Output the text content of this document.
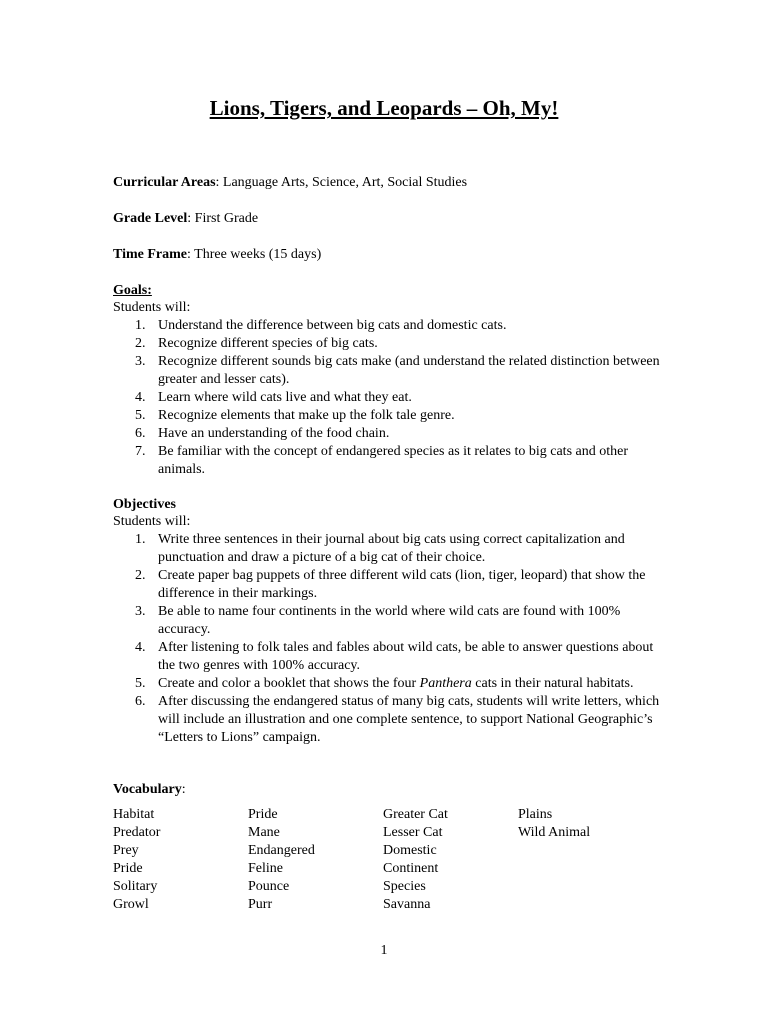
Lions, Tigers, and Leopards – Oh, My!
Curricular Areas: Language Arts, Science, Art, Social Studies
Grade Level: First Grade
Time Frame: Three weeks (15 days)
Goals:
Students will:
1. Understand the difference between big cats and domestic cats.
2. Recognize different species of big cats.
3. Recognize different sounds big cats make (and understand the related distinction between greater and lesser cats).
4. Learn where wild cats live and what they eat.
5. Recognize elements that make up the folk tale genre.
6. Have an understanding of the food chain.
7. Be familiar with the concept of endangered species as it relates to big cats and other animals.
Objectives
Students will:
1. Write three sentences in their journal about big cats using correct capitalization and punctuation and draw a picture of a big cat of their choice.
2. Create paper bag puppets of three different wild cats (lion, tiger, leopard) that show the difference in their markings.
3. Be able to name four continents in the world where wild cats are found with 100% accuracy.
4. After listening to folk tales and fables about wild cats, be able to answer questions about the two genres with 100% accuracy.
5. Create and color a booklet that shows the four Panthera cats in their natural habitats.
6. After discussing the endangered status of many big cats, students will write letters, which will include an illustration and one complete sentence, to support National Geographic’s “Letters to Lions” campaign.
Vocabulary:
Habitat
Predator
Prey
Pride
Solitary
Growl
Pride
Mane
Endangered
Feline
Pounce
Purr
Greater Cat
Lesser Cat
Domestic
Continent
Species
Savanna
Plains
Wild Animal
1
